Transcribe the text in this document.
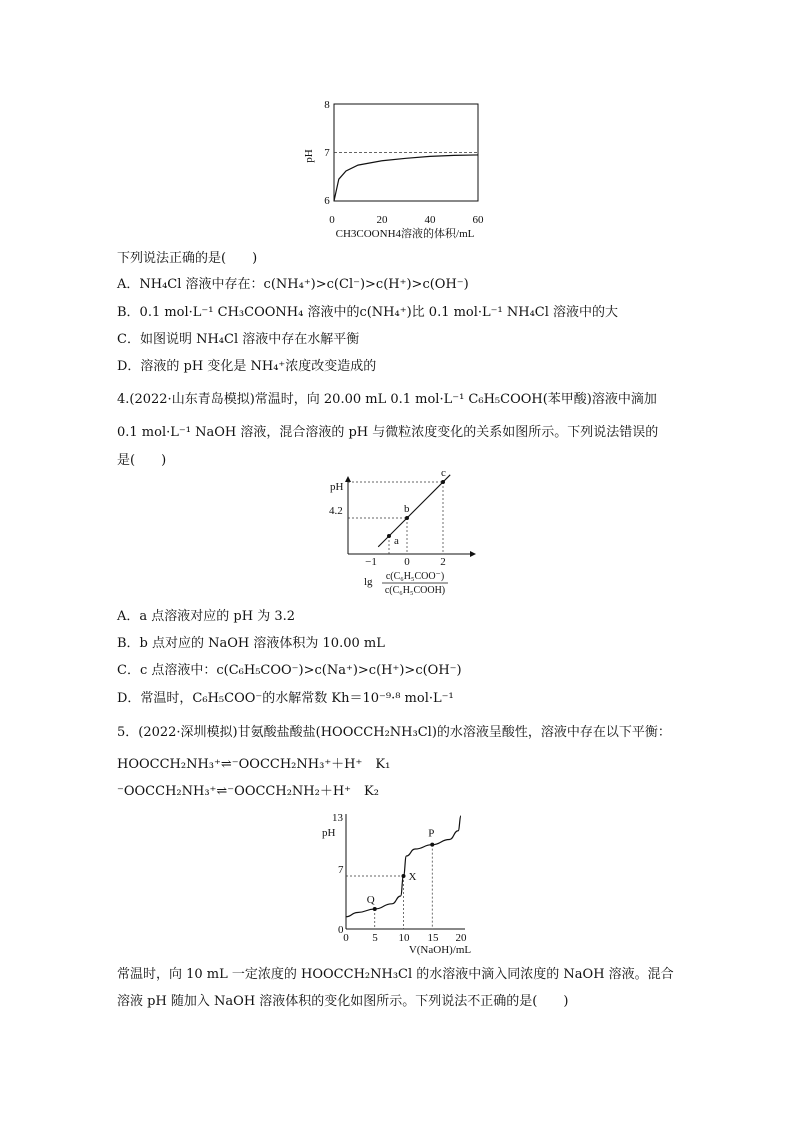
pH
8
7
6
0	20	40	60
CH3COONH4溶液的体积/mL
下列说法正确的是(　　)
A．NH₄Cl 溶液中存在：c(NH₄⁺)>c(Cl⁻)>c(H⁺)>c(OH⁻)
B．0.1 mol·L⁻¹ CH₃COONH₄ 溶液中的c(NH₄⁺)比 0.1 mol·L⁻¹ NH₄Cl 溶液中的大
C．如图说明 NH₄Cl 溶液中存在水解平衡
D．溶液的 pH 变化是 NH₄⁺浓度改变造成的
4.(2022·山东青岛模拟)常温时，向 20.00 mL 0.1 mol·L⁻¹ C₆H₅COOH(苯甲酸)溶液中滴加
0.1 mol·L⁻¹ NaOH 溶液，混合溶液的 pH 与微粒浓度变化的关系如图所示。下列说法错误的
是(　　)
a
b
c
pH
4.2
−1 0	2
lg c(C₆H₅COO⁻)
c(C₆H₅COOH)
A．a 点溶液对应的 pH 为 3.2
B．b 点对应的 NaOH 溶液体积为 10.00 mL
C．c 点溶液中：c(C₆H₅COO⁻)>c(Na⁺)>c(H⁺)>c(OH⁻)
D．常温时，C₆H₅COO⁻的水解常数 Kh＝10⁻⁹·⁸ mol·L⁻¹
5．(2022·深圳模拟)甘氨酸盐酸盐(HOOCCH₂NH₃Cl)的水溶液呈酸性，溶液中存在以下平衡：
HOOCCH₂NH₃⁺⇌⁻OOCCH₂NH₃⁺＋H⁺　K₁
⁻OOCCH₂NH₃⁺⇌⁻OOCCH₂NH₂＋H⁺　K₂
Q
X
P
pH
13
7
0
0 5 10 15 20
V(NaOH)/mL
常温时，向 10 mL 一定浓度的 HOOCCH₂NH₃Cl 的水溶液中滴入同浓度的 NaOH 溶液。混合
溶液 pH 随加入 NaOH 溶液体积的变化如图所示。下列说法不正确的是(　　)
